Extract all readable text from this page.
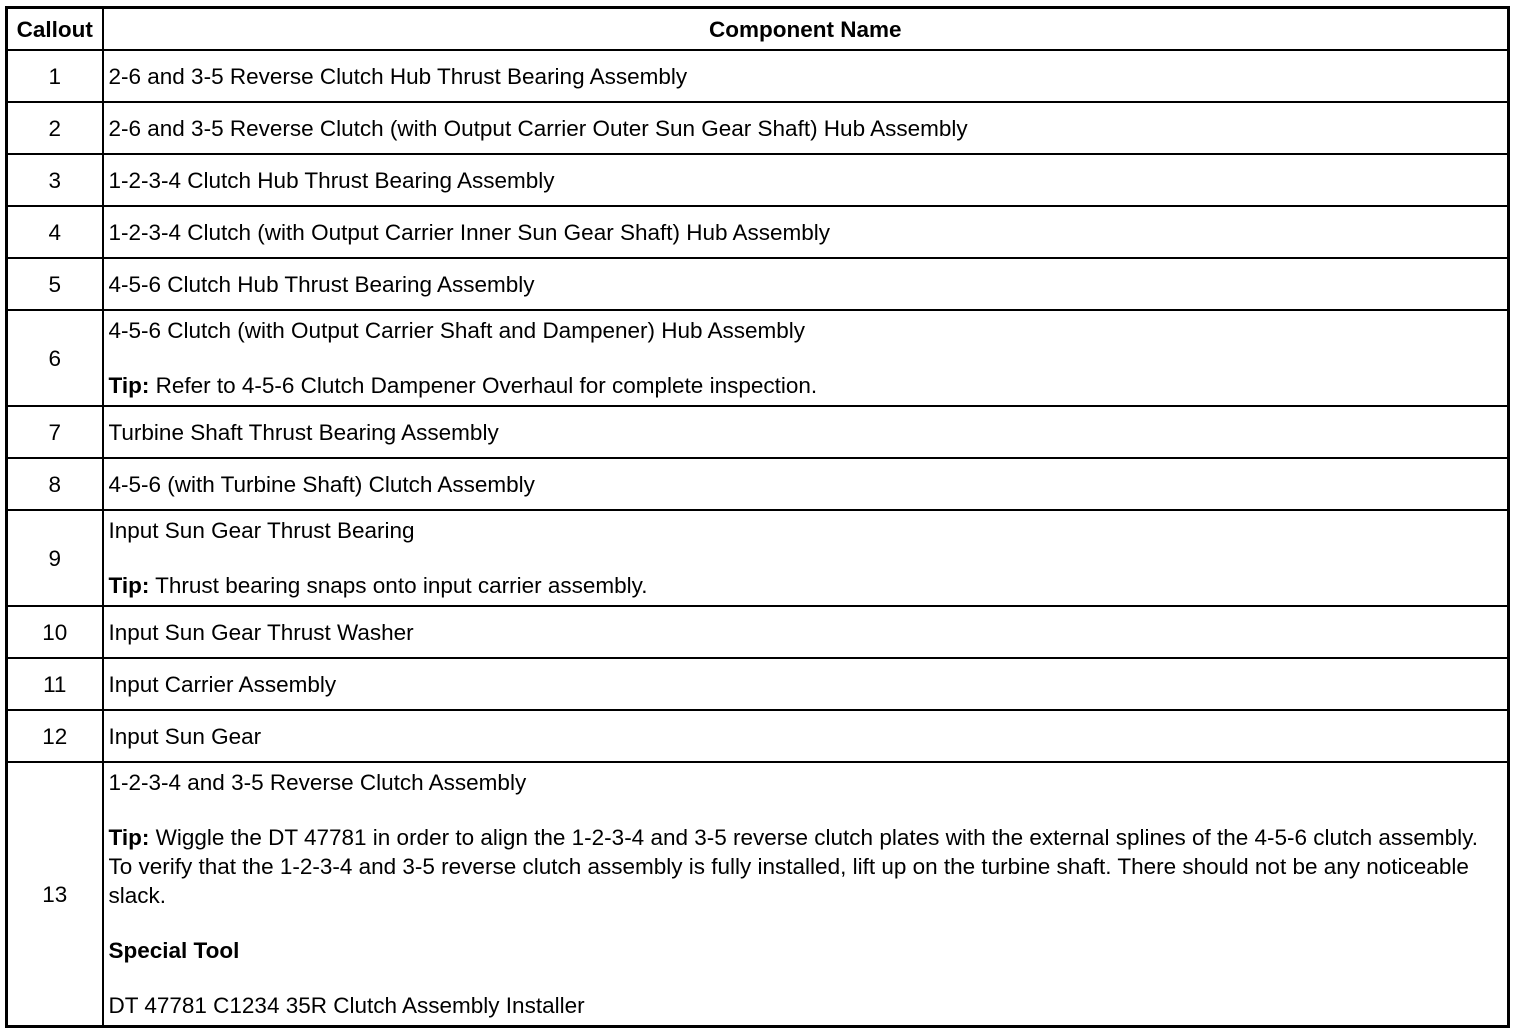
Callout	Component Name
1	2-6 and 3-5 Reverse Clutch Hub Thrust Bearing Assembly
2	2-6 and 3-5 Reverse Clutch (with Output Carrier Outer Sun Gear Shaft) Hub Assembly
3	1-2-3-4 Clutch Hub Thrust Bearing Assembly
4	1-2-3-4 Clutch (with Output Carrier Inner Sun Gear Shaft) Hub Assembly
5	4-5-6 Clutch Hub Thrust Bearing Assembly
6	4-5-6 Clutch (with Output Carrier Shaft and Dampener) Hub Assembly
Tip: Refer to 4-5-6 Clutch Dampener Overhaul for complete inspection.

7	Turbine Shaft Thrust Bearing Assembly
8	4-5-6 (with Turbine Shaft) Clutch Assembly
9	Input Sun Gear Thrust Bearing
Tip: Thrust bearing snaps onto input carrier assembly.

10	Input Sun Gear Thrust Washer
11	Input Carrier Assembly
12	Input Sun Gear
13	1-2-3-4 and 3-5 Reverse Clutch Assembly
Tip: Wiggle the DT 47781 in order to align the 1-2-3-4 and 3-5 reverse clutch plates with the external splines of the 4-5-6 clutch assembly. To verify that the 1-2-3-4 and 3-5 reverse clutch assembly is fully installed, lift up on the turbine shaft. There should not be any noticeable slack.
Special Tool
DT 47781 C1234 35R Clutch Assembly Installer
